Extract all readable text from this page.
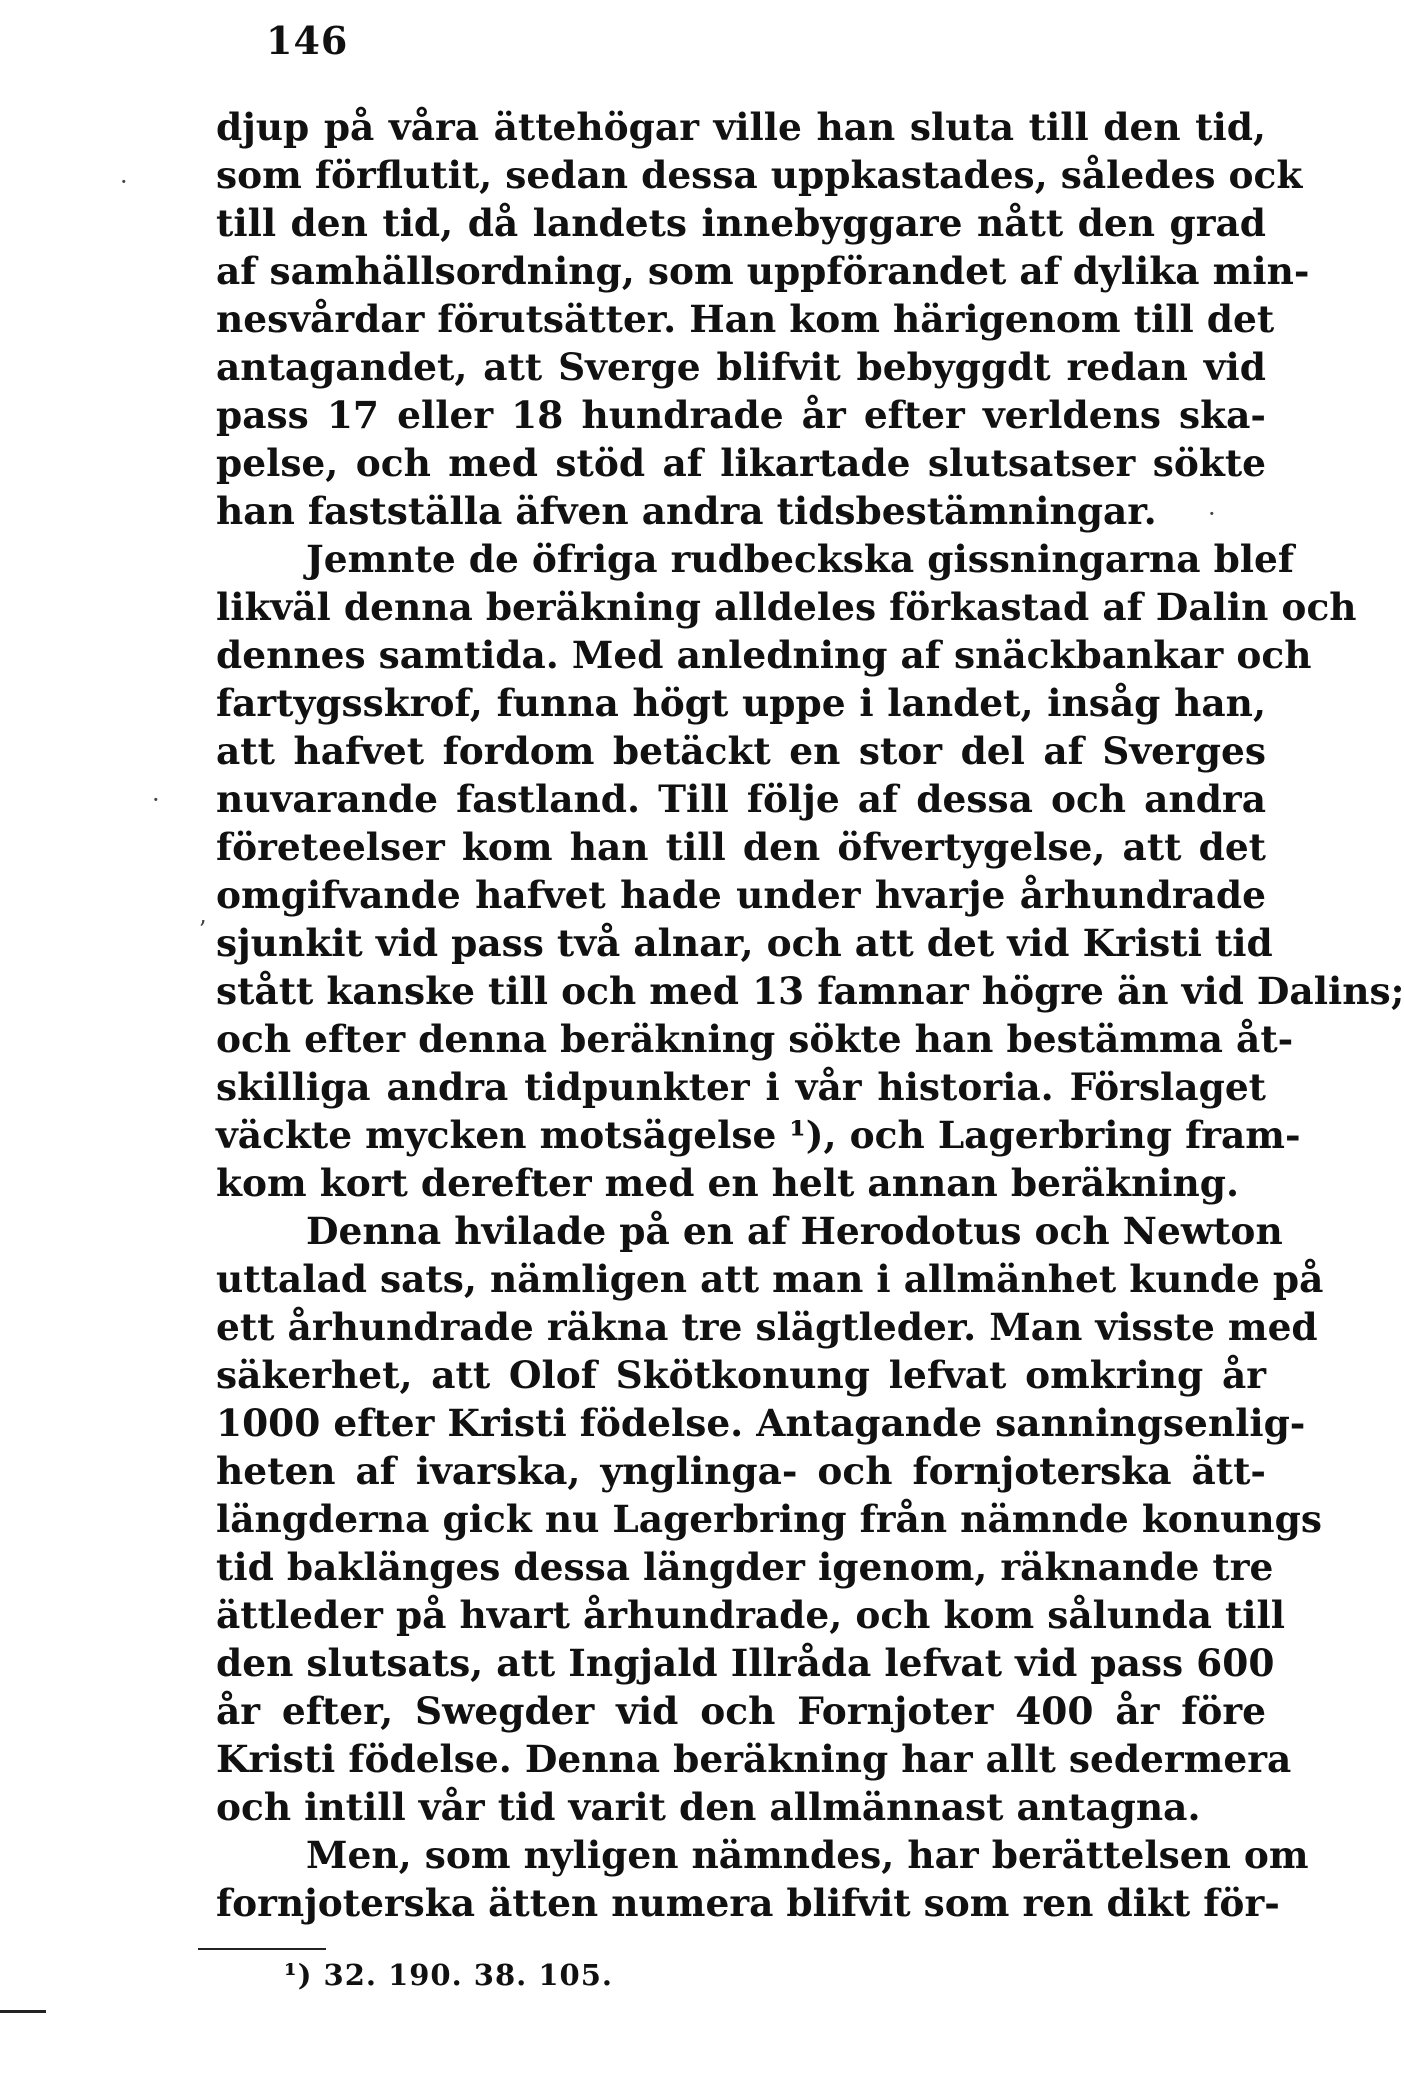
146
djup på våra ättehögar ville han sluta till den tid,
som förflutit, sedan dessa uppkastades, således ock
till den tid, då landets innebyggare nått den grad
af samhällsordning, som uppförandet af dylika min-
nesvårdar förutsätter. Han kom härigenom till det
antagandet, att Sverge blifvit bebyggdt redan vid
pass 17 eller 18 hundrade år efter verldens ska-
pelse, och med stöd af likartade slutsatser sökte
han fastställa äfven andra tidsbestämningar.
Jemnte de öfriga rudbeckska gissningarna blef
likväl denna beräkning alldeles förkastad af Dalin och
dennes samtida. Med anledning af snäckbankar och
fartygsskrof, funna högt uppe i landet, insåg han,
att hafvet fordom betäckt en stor del af Sverges
nuvarande fastland. Till följe af dessa och andra
företeelser kom han till den öfvertygelse, att det
omgifvande hafvet hade under hvarje århundrade
sjunkit vid pass två alnar, och att det vid Kristi tid
stått kanske till och med 13 famnar högre än vid Dalins;
och efter denna beräkning sökte han bestämma åt-
skilliga andra tidpunkter i vår historia. Förslaget
väckte mycken motsägelse ¹), och Lagerbring fram-
kom kort derefter med en helt annan beräkning.
Denna hvilade på en af Herodotus och Newton
uttalad sats, nämligen att man i allmänhet kunde på
ett århundrade räkna tre slägtleder. Man visste med
säkerhet, att Olof Skötkonung lefvat omkring år
1000 efter Kristi födelse. Antagande sanningsenlig-
heten af ivarska, ynglinga- och fornjoterska ätt-
längderna gick nu Lagerbring från nämnde konungs
tid baklänges dessa längder igenom, räknande tre
ättleder på hvart århundrade, och kom sålunda till
den slutsats, att Ingjald Illråda lefvat vid pass 600
år efter, Swegder vid och Fornjoter 400 år före
Kristi födelse. Denna beräkning har allt sedermera
och intill vår tid varit den allmännast antagna.
Men, som nyligen nämndes, har berättelsen om
fornjoterska ätten numera blifvit som ren dikt för-
¹) 32. 190. 38. 105.
·
·
ʼ
·
